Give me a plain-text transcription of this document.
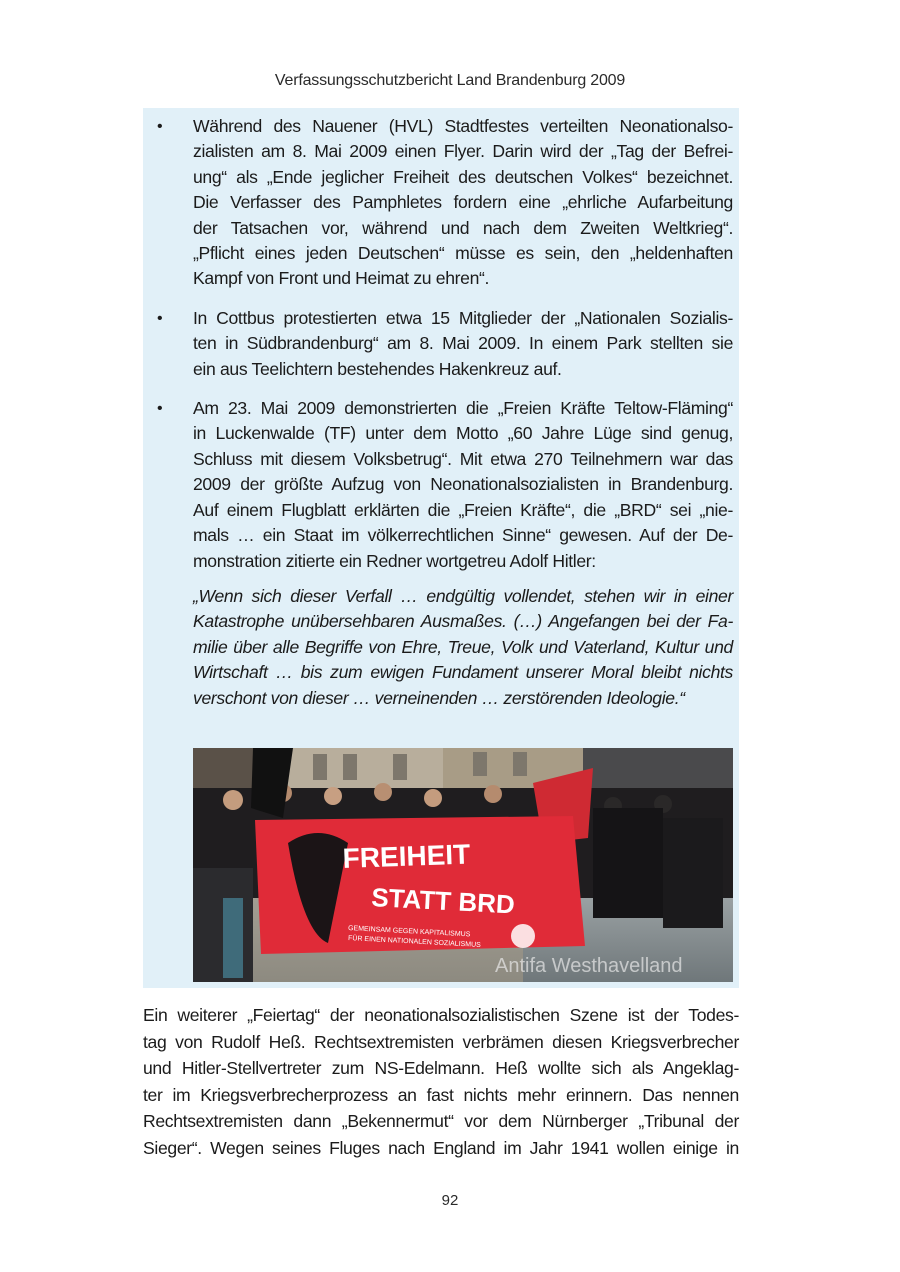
Verfassungsschutzbericht Land Brandenburg 2009
• Während des Nauener (HVL) Stadtfestes verteilten Neonationalso-
zialisten am 8. Mai 2009 einen Flyer. Darin wird der „Tag der Befrei-
ung“ als „Ende jeglicher Freiheit des deutschen Volkes“ bezeichnet.
Die Verfasser des Pamphletes fordern eine „ehrliche Aufarbeitung
der Tatsachen vor, während und nach dem Zweiten Weltkrieg“.
„Pflicht eines jeden Deutschen“ müsse es sein, den „heldenhaften
Kampf von Front und Heimat zu ehren“.
• In Cottbus protestierten etwa 15 Mitglieder der „Nationalen Sozialis-
ten in Südbrandenburg“ am 8. Mai 2009. In einem Park stellten sie
ein aus Teelichtern bestehendes Hakenkreuz auf.
• Am 23. Mai 2009 demonstrierten die „Freien Kräfte Teltow-Fläming“
in Luckenwalde (TF) unter dem Motto „60 Jahre Lüge sind genug,
Schluss mit diesem Volksbetrug“. Mit etwa 270 Teilnehmern war das
2009 der größte Aufzug von Neonationalsozialisten in Brandenburg.
Auf einem Flugblatt erklärten die „Freien Kräfte“, die „BRD“ sei „nie-
mals … ein Staat im völkerrechtlichen Sinne“ gewesen. Auf der De-
monstration zitierte ein Redner wortgetreu Adolf Hitler:
„Wenn sich dieser Verfall … endgültig vollendet, stehen wir in einer
Katastrophe unübersehbaren Ausmaßes. (…) Angefangen bei der Fa-
milie über alle Begriffe von Ehre, Treue, Volk und Vaterland, Kultur und
Wirtschaft … bis zum ewigen Fundament unserer Moral bleibt nichts
verschont von dieser … verneinenden … zerstörenden Ideologie.“
FREIHEIT
STATT BRD
GEMEINSAM GEGEN KAPITALISMUS
FÜR EINEN NATIONALEN SOZIALISMUS
Antifa Westhavelland
Ein weiterer „Feiertag“ der neonationalsozialistischen Szene ist der Todes-
tag von Rudolf Heß. Rechtsextremisten verbrämen diesen Kriegsverbrecher
und Hitler-Stellvertreter zum NS-Edelmann. Heß wollte sich als Angeklag-
ter im Kriegsverbrecherprozess an fast nichts mehr erinnern. Das nennen
Rechtsextremisten dann „Bekennermut“ vor dem Nürnberger „Tribunal der
Sieger“. Wegen seines Fluges nach England im Jahr 1941 wollen einige in
92
